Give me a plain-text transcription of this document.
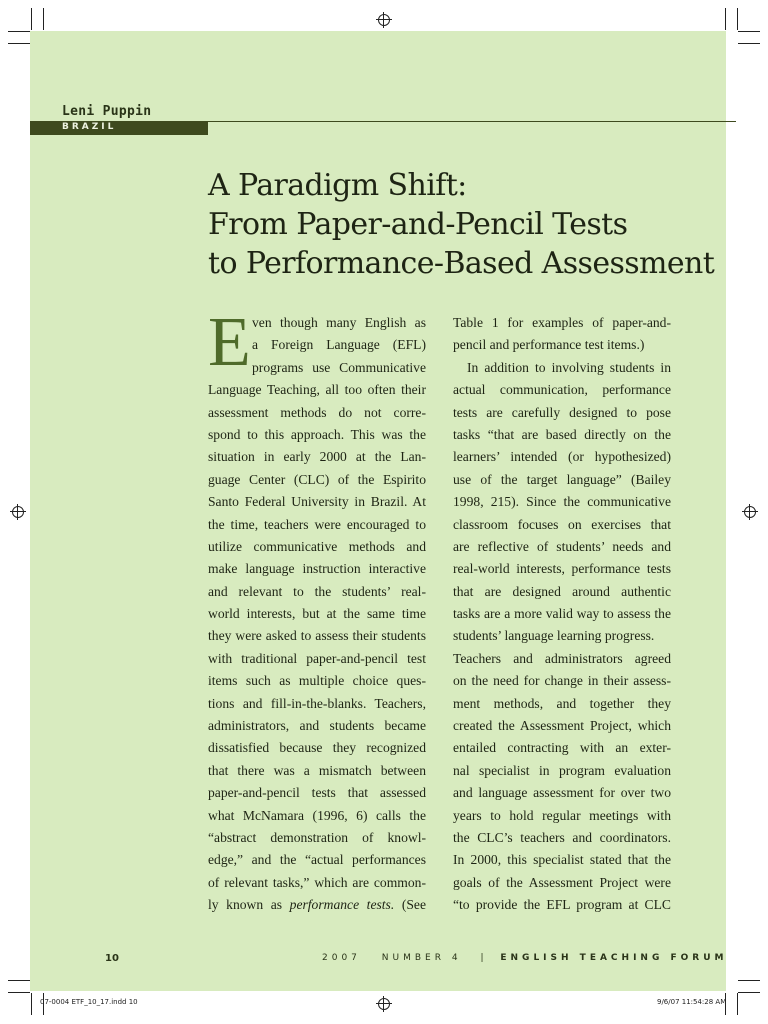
Leni Puppin
BRAZIL
A Paradigm Shift:
From Paper-and-Pencil Tests
to Performance-Based Assessment
E ven though many English as
a Foreign Language (EFL)
programs use Communicative
Language Teaching, all too often their
assessment methods do not corre-
spond to this approach. This was the
situation in early 2000 at the Lan-
guage Center (CLC) of the Espirito
Santo Federal University in Brazil. At
the time, teachers were encouraged to
utilize communicative methods and
make language instruction interactive
and relevant to the students’ real-
world interests, but at the same time
they were asked to assess their students
with traditional paper-and-pencil test
items such as multiple choice ques-
tions and fill-in-the-blanks. Teachers,
administrators, and students became
dissatisfied because they recognized
that there was a mismatch between
paper-and-pencil tests that assessed
what McNamara (1996, 6) calls the
“abstract demonstration of knowl-
edge,” and the “actual performances
of relevant tasks,” which are common-
ly known as performance tests. (See
Table 1 for examples of paper-and-
pencil and performance test items.)
In addition to involving students in
actual communication, performance
tests are carefully designed to pose
tasks “that are based directly on the
learners’ intended (or hypothesized)
use of the target language” (Bailey
1998, 215). Since the communicative
classroom focuses on exercises that
are reflective of students’ needs and
real-world interests, performance tests
that are designed around authentic
tasks are a more valid way to assess the
students’ language learning progress.
Teachers and administrators agreed
on the need for change in their assess-
ment methods, and together they
created the Assessment Project, which
entailed contracting with an exter-
nal specialist in program evaluation
and language assessment for over two
years to hold regular meetings with
the CLC’s teachers and coordinators.
In 2000, this specialist stated that the
goals of the Assessment Project were
“to provide the EFL program at CLC
10	2007 NUMBER 4 | ENGLISH TEACHING FORUM
07-0004 ETF_10_17.indd 10	9/6/07 11:54:28 AM
